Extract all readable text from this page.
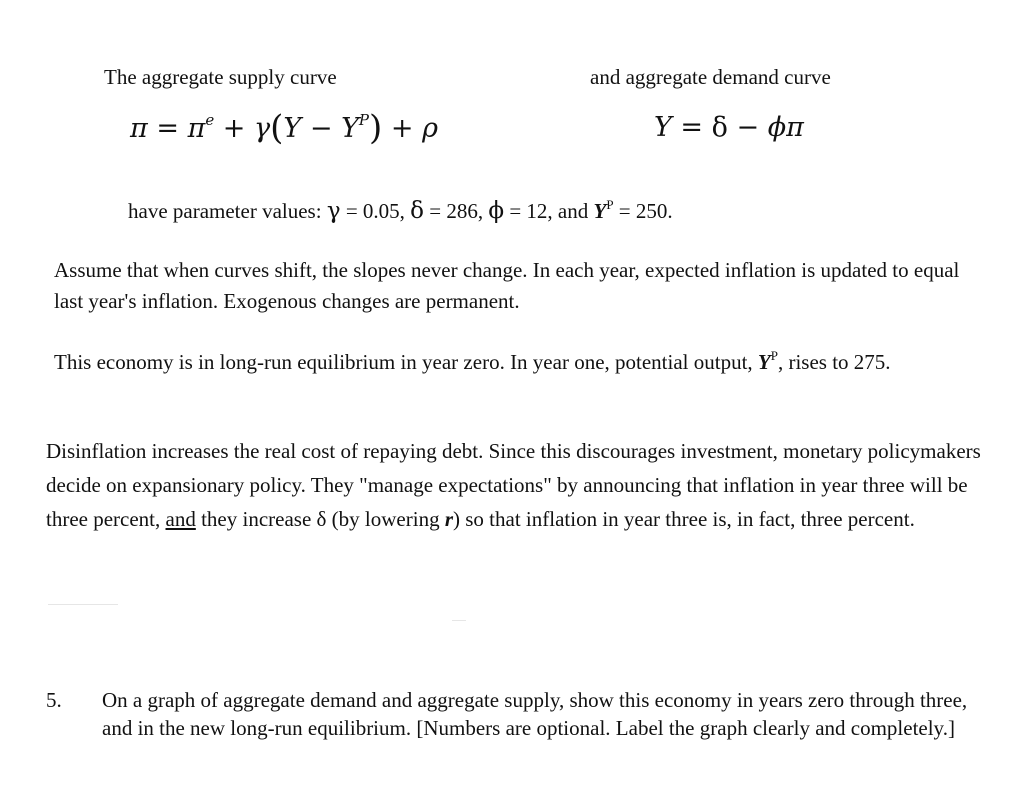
The aggregate supply curve	and aggregate demand curve
$\pi = \pi^e + \gamma(Y - Y^P) + \rho$	Y = δ − ϕπ
have parameter values: γ = 0.05, δ = 286, ϕ = 12, and $Y^P = 250$.
Assume that when curves shift, the slopes never change. In each year, expected inflation is updated to equal last year's inflation. Exogenous changes are permanent.
This economy is in long-run equilibrium in year zero. In year one, potential output, $Y^P$, rises to 275.
Disinflation increases the real cost of repaying debt. Since this discourages investment, monetary policymakers decide on expansionary policy. They "manage expectations" by announcing that inflation in year three will be three percent, and they increase δ (by lowering r) so that inflation in year three is, in fact, three percent.
5. On a graph of aggregate demand and aggregate supply, show this economy in years zero through three, and in the new long-run equilibrium. [Numbers are optional. Label the graph clearly and completely.]
